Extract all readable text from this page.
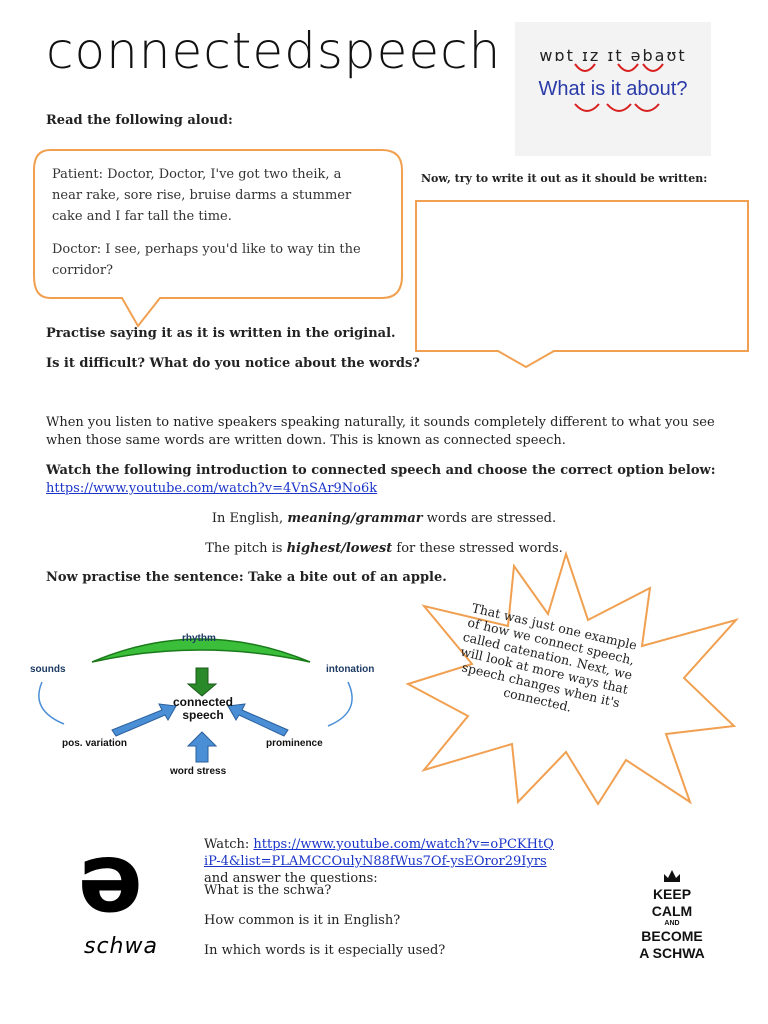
connectedspeech	wɒt ɪz ɪt əbaʊt
What is it about?
Read the following aloud:

Patient: Doctor, Doctor, I've got two theik, a near rake, sore rise, bruise darms a stummer cake and I far tall the time.

Doctor: I see, perhaps you'd like to way tin the corridor?

Now, try to write it out as it should be written:
Practise saying it as it is written in the original.
Is it difficult? What do you notice about the words?
When you listen to native speakers speaking naturally, it sounds completely different to what you see when those same words are written down. This is known as connected speech.
Watch the following introduction to connected speech and choose the correct option below:
https://www.youtube.com/watch?v=4VnSAr9No6k
In English, meaning/grammar words are stressed.
The pitch is highest/lowest for these stressed words.
Now practise the sentence: Take a bite out of an apple.
rhythm
sounds	intonation
connected
speech
pos. variation	prominence
word stress
That was just one example of how we connect speech, called catenation. Next, we will look at more ways that speech changes when it's connected.
ə
schwa
Watch: https://www.youtube.com/watch?v=oPCKHtQiP-4&list=PLAMCCOulyN88fWus7Of-ysEOror29Iyrs and answer the questions:
What is the schwa?
How common is it in English?
In which words is it especially used?
KEEP
CALM
AND
BECOME
A SCHWA
